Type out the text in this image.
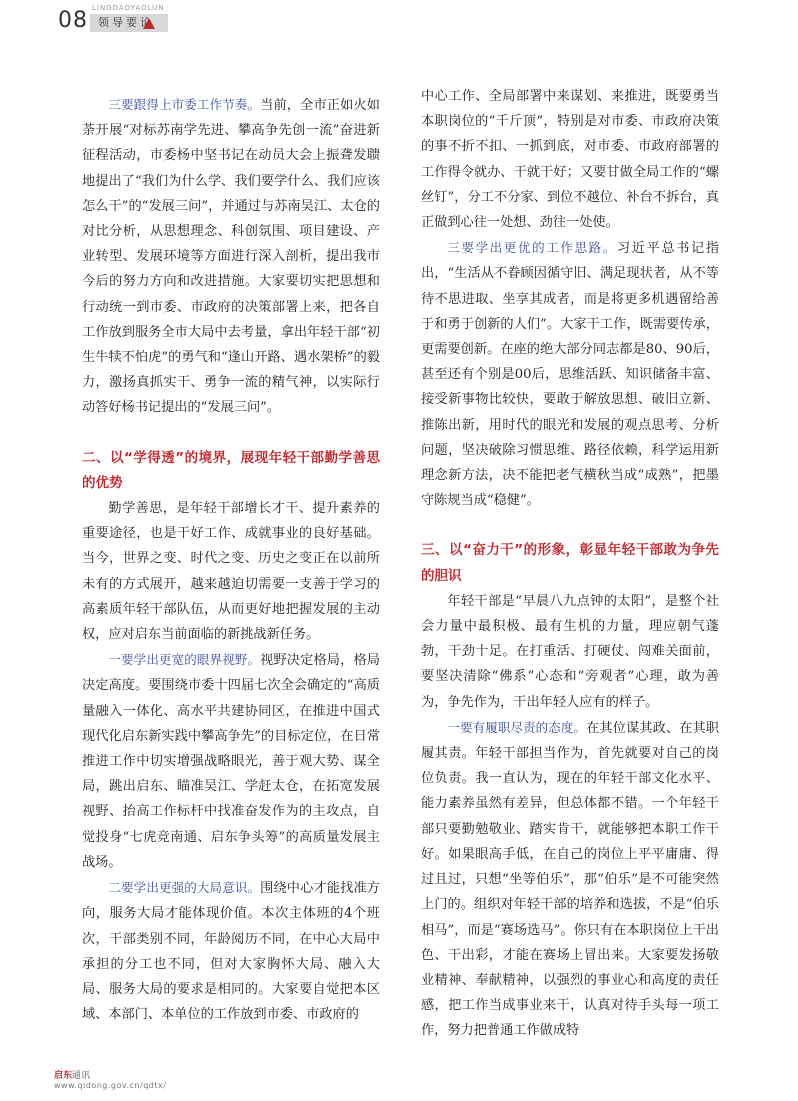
08 LINGDAOYAOLUN
领导要论

三要跟得上市委工作节奏。当前，全市正如火如荼开展“对标苏南学先进、攀高争先创一流”奋进新征程活动，市委杨中坚书记在动员大会上振聋发聩地提出了“我们为什么学、我们要学什么、我们应该怎么干”的“发展三问”，并通过与苏南吴江、太仓的对比分析，从思想理念、科创氛围、项目建设、产业转型、发展环境等方面进行深入剖析，提出我市今后的努力方向和改进措施。大家要切实把思想和行动统一到市委、市政府的决策部署上来，把各自工作放到服务全市大局中去考量，拿出年轻干部“初生牛犊不怕虎”的勇气和“逢山开路、遇水架桥”的毅力，激扬真抓实干、勇争一流的精气神，以实际行动答好杨书记提出的“发展三问”。

二、以“学得透”的境界，展现年轻干部勤学善思的优势

勤学善思，是年轻干部增长才干、提升素养的重要途径，也是干好工作、成就事业的良好基础。当今，世界之变、时代之变、历史之变正在以前所未有的方式展开，越来越迫切需要一支善于学习的高素质年轻干部队伍，从而更好地把握发展的主动权，应对启东当前面临的新挑战新任务。

一要学出更宽的眼界视野。视野决定格局，格局决定高度。要围绕市委十四届七次全会确定的“高质量融入一体化、高水平共建协同区，在推进中国式现代化启东新实践中攀高争先”的目标定位，在日常推进工作中切实增强战略眼光，善于观大势、谋全局，跳出启东、瞄准吴江、学赶太仓，在拓宽发展视野、抬高工作标杆中找准奋发作为的主攻点，自觉投身“七虎竞南通、启东争头筹”的高质量发展主战场。

二要学出更强的大局意识。围绕中心才能找准方向，服务大局才能体现价值。本次主体班的4个班次，干部类别不同，年龄阅历不同，在中心大局中承担的分工也不同，但对大家胸怀大局、融入大局、服务大局的要求是相同的。大家要自觉把本区域、本部门、本单位的工作放到市委、市政府的

中心工作、全局部署中来谋划、来推进，既要勇当本职岗位的“千斤顶”，特别是对市委、市政府决策的事不折不扣、一抓到底，对市委、市政府部署的工作得令就办、干就干好；又要甘做全局工作的“螺丝钉”，分工不分家、到位不越位、补台不拆台，真正做到心往一处想、劲往一处使。

三要学出更优的工作思路。习近平总书记指出，“生活从不眷顾因循守旧、满足现状者，从不等待不思进取、坐享其成者，而是将更多机遇留给善于和勇于创新的人们”。大家干工作，既需要传承，更需要创新。在座的绝大部分同志都是80、90后，甚至还有个别是00后，思维活跃、知识储备丰富、接受新事物比较快，要敢于解放思想、破旧立新、推陈出新，用时代的眼光和发展的观点思考、分析问题，坚决破除习惯思维、路径依赖，科学运用新理念新方法，决不能把老气横秋当成“成熟”，把墨守陈规当成“稳健”。

三、以“奋力干”的形象，彰显年轻干部敢为争先的胆识

年轻干部是“早晨八九点钟的太阳”，是整个社会力量中最积极、最有生机的力量，理应朝气蓬勃，干劲十足。在打重活、打硬仗、闯难关面前，要坚决清除“佛系”心态和“旁观者”心理，敢为善为，争先作为，干出年轻人应有的样子。

一要有履职尽责的态度。在其位谋其政、在其职履其责。年轻干部担当作为，首先就要对自己的岗位负责。我一直认为，现在的年轻干部文化水平、能力素养虽然有差异，但总体都不错。一个年轻干部只要勤勉敬业、踏实肯干，就能够把本职工作干好。如果眼高手低，在自己的岗位上平平庸庸、得过且过，只想“坐等伯乐”，那“伯乐”是不可能突然上门的。组织对年轻干部的培养和选拔，不是“伯乐相马”，而是“赛场选马”。你只有在本职岗位上干出色、干出彩，才能在赛场上冒出来。大家要发扬敬业精神、奉献精神，以强烈的事业心和高度的责任感，把工作当成事业来干，认真对待手头每一项工作，努力把普通工作做成特

启东通讯
www.qidong.gov.cn/qdtx/
